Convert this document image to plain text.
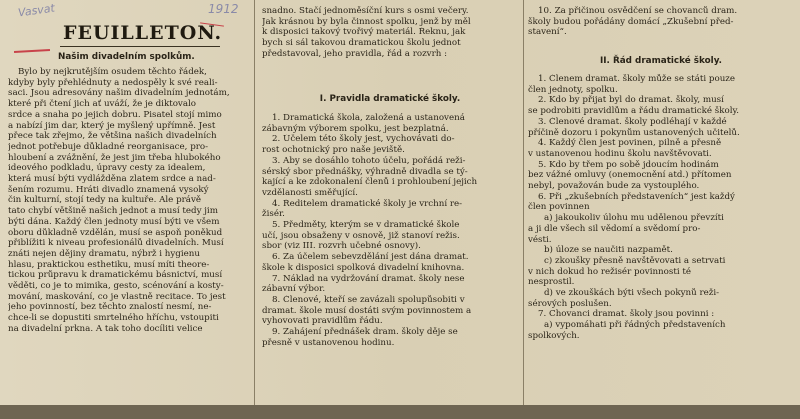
Vasvat	1912
FEUILLETON.
Našim divadelním spolkům.
Bylo by nejkrutějším osudem těchto řádek,
kdyby byly přehlédnuty a nedospěly k své reali-
saci. Jsou adresovány našim divadelním jednotám,
které při čtení jich ať uváží, že je diktovalo
srdce a snaha po jejich dobru. Pisatel stojí mimo
a nabízí jim dar, který je myšlený upřímně. Jest
přece tak zřejmo, že většina našich divadelních
jednot potřebuje důkladné reorganisace, pro-
hloubení a zvážnění, že jest jim třeba hlubokého
ideového podkladu, úpravy cesty za idealem,
která musí býti vydlážděna zlatem srdce a nad-
šením rozumu. Hráti divadlo znamená vysoký
čin kulturní, stojí tedy na kultuře. Ale právě
tato chybí většině našich jednot a musí tedy jim
býti dána. Každý člen jednoty musí býti ve všem
oboru důkladně vzdělán, musí se aspoň poněkud
přiblížiti k niveau profesionálů divadelních. Musí
znáti nejen dějiny dramatu, nýbrž i hygienu
hlasu, praktickou esthetiku, musí míti theore-
tickou průpravu k dramatickému básnictví, musí
věděti, co je to mimika, gesto, scénování a kosty-
mování, maskování, co je vlastně recitace. To jest
jeho povinností, bez těchto znalostí nesmí, ne-
chce-li se dopustiti smrtelného hříchu, vstoupiti
na divadelní prkna. A tak toho docíliti velice
snadno. Stačí jednoměsíční kurs s osmi večery.
Jak krásnou by byla činnost spolku, jenž by měl
k disposici takový tvořivý materiál. Řeknu, jak
bych si sál takovou dramatickou školu jednot
představoval, jeho pravidla, řád a rozvrh :
I. Pravidla dramatické školy.
1. Dramatická škola, založená a ustanovená
zábavným výborem spolku, jest bezplatná.
2. Účelem této školy jest, vychovávati do-
rost ochotnický pro naše jeviště.
3. Aby se dosáhlo tohoto účelu, pořádá reži-
sérský sbor přednášky, výhradně divadla se tý-
kající a ke zdokonalení členů i prohloubení jejich
vzdělanosti směřující.
4. Ředitelem dramatické školy je vrchní re-
žisér.
5. Předměty, kterým se v dramatické škole
učí, jsou obsaženy v osnově, již stanoví režis.
sbor (viz III. rozvrh učebné osnovy).
6. Za účelem sebevzdělání jest dána dramat.
škole k disposici spolková divadelní knihovna.
7. Náklad na vydržování dramat. školy nese
zábavní výbor.
8. Členové, kteří se zavázali spolupůsobiti v
dramat. škole musí dostáti svým povinnostem a
vyhovovati pravidlům řádu.
9. Zahájení přednášek dram. školy děje se
přesně v ustanovenou hodinu.
10. Za přičinou osvědčení se chovanců dram.
školy budou pořádány domácí „Zkušební před-
stavení“.
II. Řád dramatické školy.
1. Členem dramat. školy může se státi pouze
člen jednoty, spolku.
2. Kdo by přijat byl do dramat. školy, musí
se podrobiti pravidlům a řádu dramatické školy.
3. Členové dramat. školy podléhají v každé
příčině dozoru i pokynům ustanovených učitelů.
4. Každý člen jest povinen, pilně a přesně
v ustanovenou hodinu školu navštěvovati.
5. Kdo by třem po sobě jdoucím hodinám
bez vážné omluvy (onemocnění atd.) přítomen
nebyl, považován bude za vystouplého.
6. Při „zkušebních představeních“ jest každý
člen povinnen
a) jakoukoliv úlohu mu udělenou převzíti
a ji dle všech sil vědomí a svědomí pro-
vésti.
b) úloze se naučiti nazpamět.
c) zkoušky přesně navštěvovati a setrvati
v nich dokud ho režisér povinnosti té
nesprostil.
d) ve zkouškách býti všech pokynů reži-
sérových poslušen.
7. Chovanci dramat. školy jsou povinni :
a) vypomáhati při řádných představeních
spolkových.
